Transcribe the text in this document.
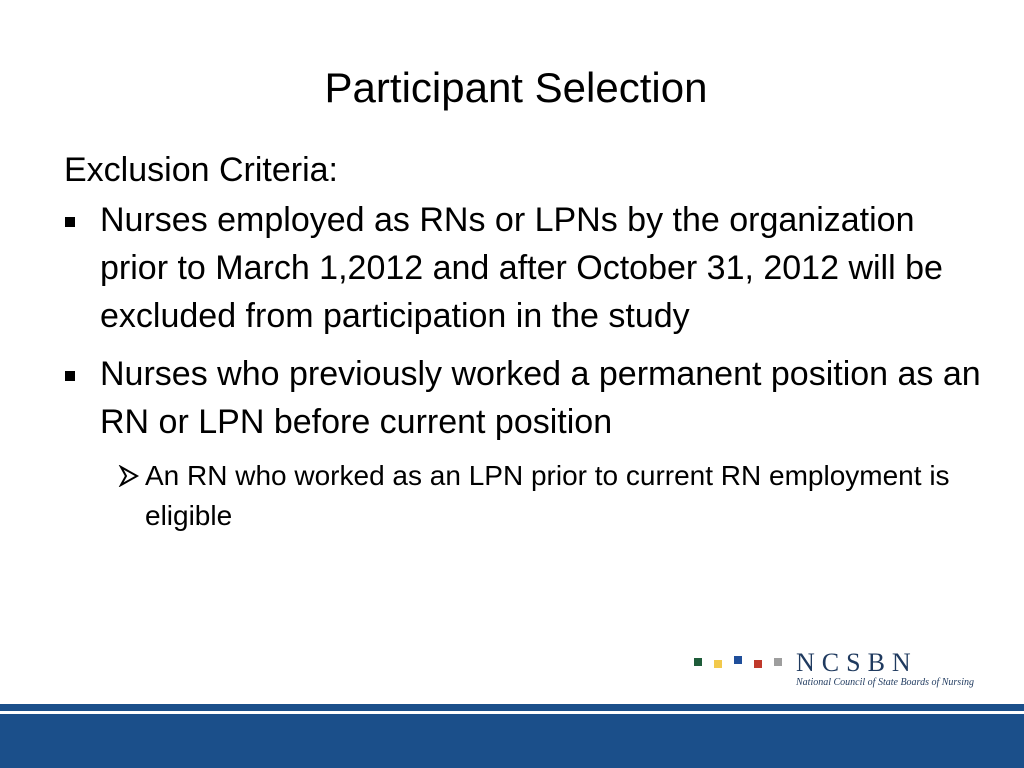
Participant Selection
Exclusion Criteria:
Nurses employed as RNs or LPNs by the organization prior to March 1,2012 and after October 31, 2012 will be excluded from participation in the study
Nurses who previously worked a permanent position as an RN or LPN before current position
An RN who worked as an LPN prior to current RN employment is eligible
NCSBN
National Council of State Boards of Nursing
